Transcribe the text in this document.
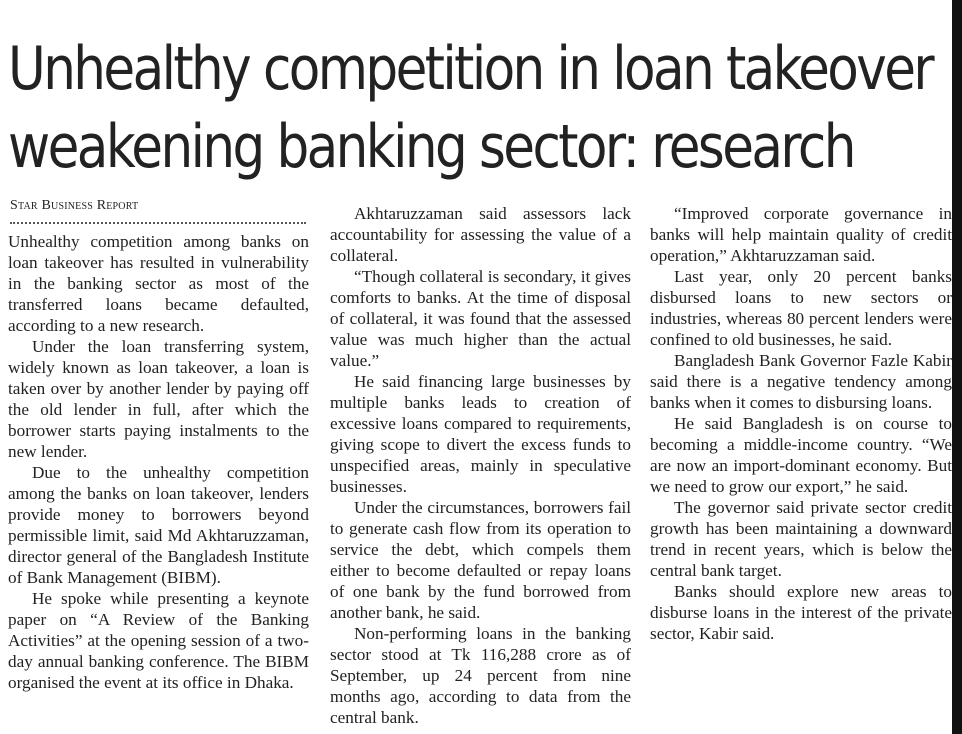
Unhealthy competition in loan takeover
weakening banking sector: research
Star Business Report

Unhealthy competition among banks on loan takeover has resulted in vulnerability in the banking sector as most of the transferred loans became defaulted, according to a new research.

Under the loan transferring system, widely known as loan takeover, a loan is taken over by another lender by paying off the old lender in full, after which the borrower starts paying instalments to the new lender.

Due to the unhealthy competition among the banks on loan takeover, lenders provide money to borrowers beyond permissible limit, said Md Akhtaruzzaman, director general of the Bangladesh Institute of Bank Management (BIBM).

He spoke while presenting a keynote paper on “A Review of the Banking Activities” at the opening session of a two-day annual banking conference. The BIBM organised the event at its office in Dhaka.

Akhtaruzzaman said assessors lack accountability for assessing the value of a collateral.

“Though collateral is secondary, it gives comforts to banks. At the time of disposal of collateral, it was found that the assessed value was much higher than the actual value.”

He said financing large businesses by multiple banks leads to creation of excessive loans compared to requirements, giving scope to divert the excess funds to unspecified areas, mainly in speculative businesses.

Under the circumstances, borrowers fail to generate cash flow from its operation to service the debt, which compels them either to become defaulted or repay loans of one bank by the fund borrowed from another bank, he said.

Non-performing loans in the banking sector stood at Tk 116,288 crore as of September, up 24 percent from nine months ago, according to data from the central bank.

“Improved corporate governance in banks will help maintain quality of credit operation,” Akhtaruzzaman said.

Last year, only 20 percent banks disbursed loans to new sectors or industries, whereas 80 percent lenders were confined to old businesses, he said.

Bangladesh Bank Governor Fazle Kabir said there is a negative tendency among banks when it comes to disbursing loans.

He said Bangladesh is on course to becoming a middle-income country. “We are now an import-dominant economy. But we need to grow our export,” he said.

The governor said private sector credit growth has been maintaining a downward trend in recent years, which is below the central bank target.

Banks should explore new areas to disburse loans in the interest of the private sector, Kabir said.
